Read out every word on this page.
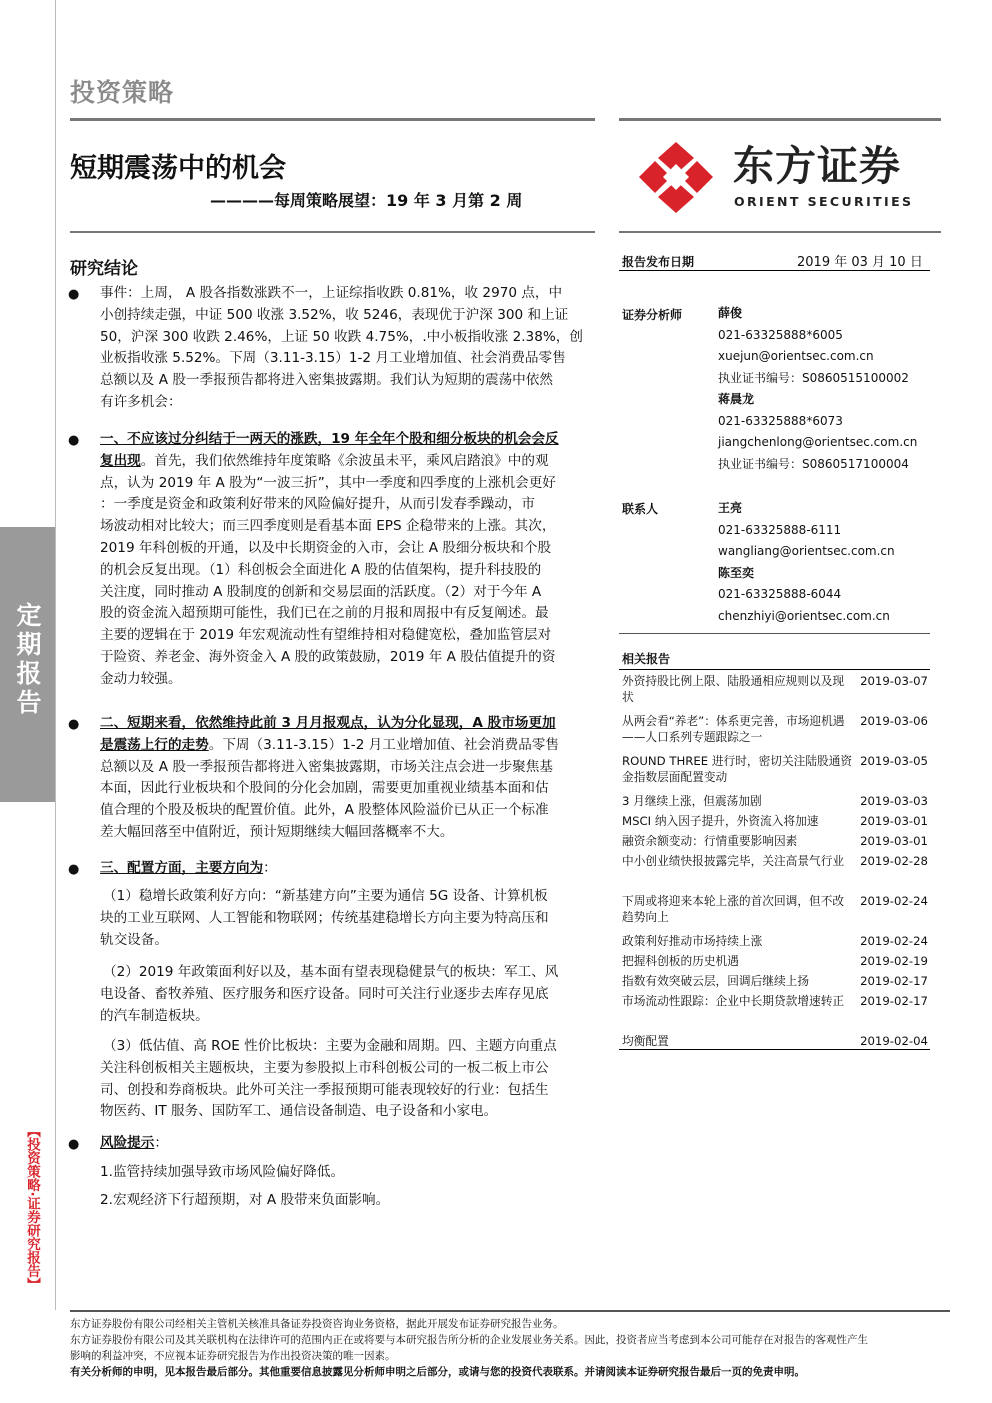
投资策略
短期震荡中的机会
————每周策略展望：19 年 3 月第 2 周
东方证券
ORIENT SECURITIES
定期报告
【投资策略·证券研究报告】
研究结论
● 事件：上周， A 股各指数涨跌不一，上证综指收跌 0.81%，收 2970 点，中
小创持续走强，中证 500 收涨 3.52%，收 5246，表现优于沪深 300 和上证
50，沪深 300 收跌 2.46%，上证 50 收跌 4.75%，.中小板指收涨 2.38%，创
业板指收涨 5.52%。下周（3.11-3.15）1-2 月工业增加值、社会消费品零售
总额以及 A 股一季报预告都将进入密集披露期。我们认为短期的震荡中依然
有许多机会：
● 一、不应该过分纠结于一两天的涨跌，19 年全年个股和细分板块的机会会反
复出现。首先，我们依然维持年度策略《余波虽未平，乘风启踏浪》中的观
点，认为 2019 年 A 股为“一波三折”，其中一季度和四季度的上涨机会更好
：一季度是资金和政策利好带来的风险偏好提升，从而引发春季躁动，市
场波动相对比较大；而三四季度则是看基本面 EPS 企稳带来的上涨。其次，
2019 年科创板的开通，以及中长期资金的入市，会让 A 股细分板块和个股
的机会反复出现。（1）科创板会全面进化 A 股的估值架构，提升科技股的
关注度，同时推动 A 股制度的创新和交易层面的活跃度。（2）对于今年 A
股的资金流入超预期可能性，我们已在之前的月报和周报中有反复阐述。最
主要的逻辑在于 2019 年宏观流动性有望维持相对稳健宽松，叠加监管层对
于险资、养老金、海外资金入 A 股的政策鼓励，2019 年 A 股估值提升的资
金动力较强。
● 二、短期来看，依然维持此前 3 月月报观点，认为分化显现，A 股市场更加
是震荡上行的走势。下周（3.11-3.15）1-2 月工业增加值、社会消费品零售
总额以及 A 股一季报预告都将进入密集披露期，市场关注点会进一步聚焦基
本面，因此行业板块和个股间的分化会加剧，需要更加重视业绩基本面和估
值合理的个股及板块的配置价值。此外，A 股整体风险溢价已从正一个标准
差大幅回落至中值附近，预计短期继续大幅回落概率不大。
● 三、配置方面，主要方向为：
（1）稳增长政策利好方向：“新基建方向”主要为通信 5G 设备、计算机板
块的工业互联网、人工智能和物联网；传统基建稳增长方向主要为特高压和
轨交设备。
（2）2019 年政策面利好以及，基本面有望表现稳健景气的板块：军工、风
电设备、畜牧养殖、医疗服务和医疗设备。同时可关注行业逐步去库存见底
的汽车制造板块。
（3）低估值、高 ROE 性价比板块：主要为金融和周期。四、主题方向重点
关注科创板相关主题板块，主要为参股拟上市科创板公司的一板二板上市公
司、创投和券商板块。此外可关注一季报预期可能表现较好的行业：包括生
物医药、IT 服务、国防军工、通信设备制造、电子设备和小家电。
● 风险提示：
1.监管持续加强导致市场风险偏好降低。
2.宏观经济下行超预期，对 A 股带来负面影响。
报告发布日期	2019 年 03 月 10 日
证券分析师	薛俊
021-63325888*6005
xuejun@orientsec.com.cn
执业证书编号：S0860515100002
蒋晨龙
021-63325888*6073
jiangchenlong@orientsec.com.cn
执业证书编号：S0860517100004
联系人	王亮
021-63325888-6111
wangliang@orientsec.com.cn
陈至奕
021-63325888-6044
chenzhiyi@orientsec.com.cn
相关报告
外资持股比例上限、陆股通相应规则以及现状
2019-03-07
从两会看“养老”：体系更完善，市场迎机遇——人口系列专题跟踪之一
2019-03-06
ROUND THREE 进行时，密切关注陆股通资金指数层面配置变动
2019-03-05
3 月继续上涨，但震荡加剧	2019-03-03
MSCI 纳入因子提升，外资流入将加速	2019-03-01
融资余额变动：行情重要影响因素	2019-03-01
中小创业绩快报披露完毕，关注高景气行业	2019-02-28
下周或将迎来本轮上涨的首次回调，但不改趋势向上
2019-02-24
政策利好推动市场持续上涨	2019-02-24
把握科创板的历史机遇	2019-02-19
指数有效突破云层，回调后继续上扬	2019-02-17
市场流动性跟踪：企业中长期贷款增速转正	2019-02-17
均衡配置	2019-02-04
东方证券股份有限公司经相关主管机关核准具备证券投资咨询业务资格，据此开展发布证券研究报告业务。
东方证券股份有限公司及其关联机构在法律许可的范围内正在或将要与本研究报告所分析的企业发展业务关系。因此，投资者应当考虑到本公司可能存在对报告的客观性产生
影响的利益冲突，不应视本证券研究报告为作出投资决策的唯一因素。
有关分析师的申明，见本报告最后部分。其他重要信息披露见分析师申明之后部分，或请与您的投资代表联系。并请阅读本证券研究报告最后一页的免责申明。
